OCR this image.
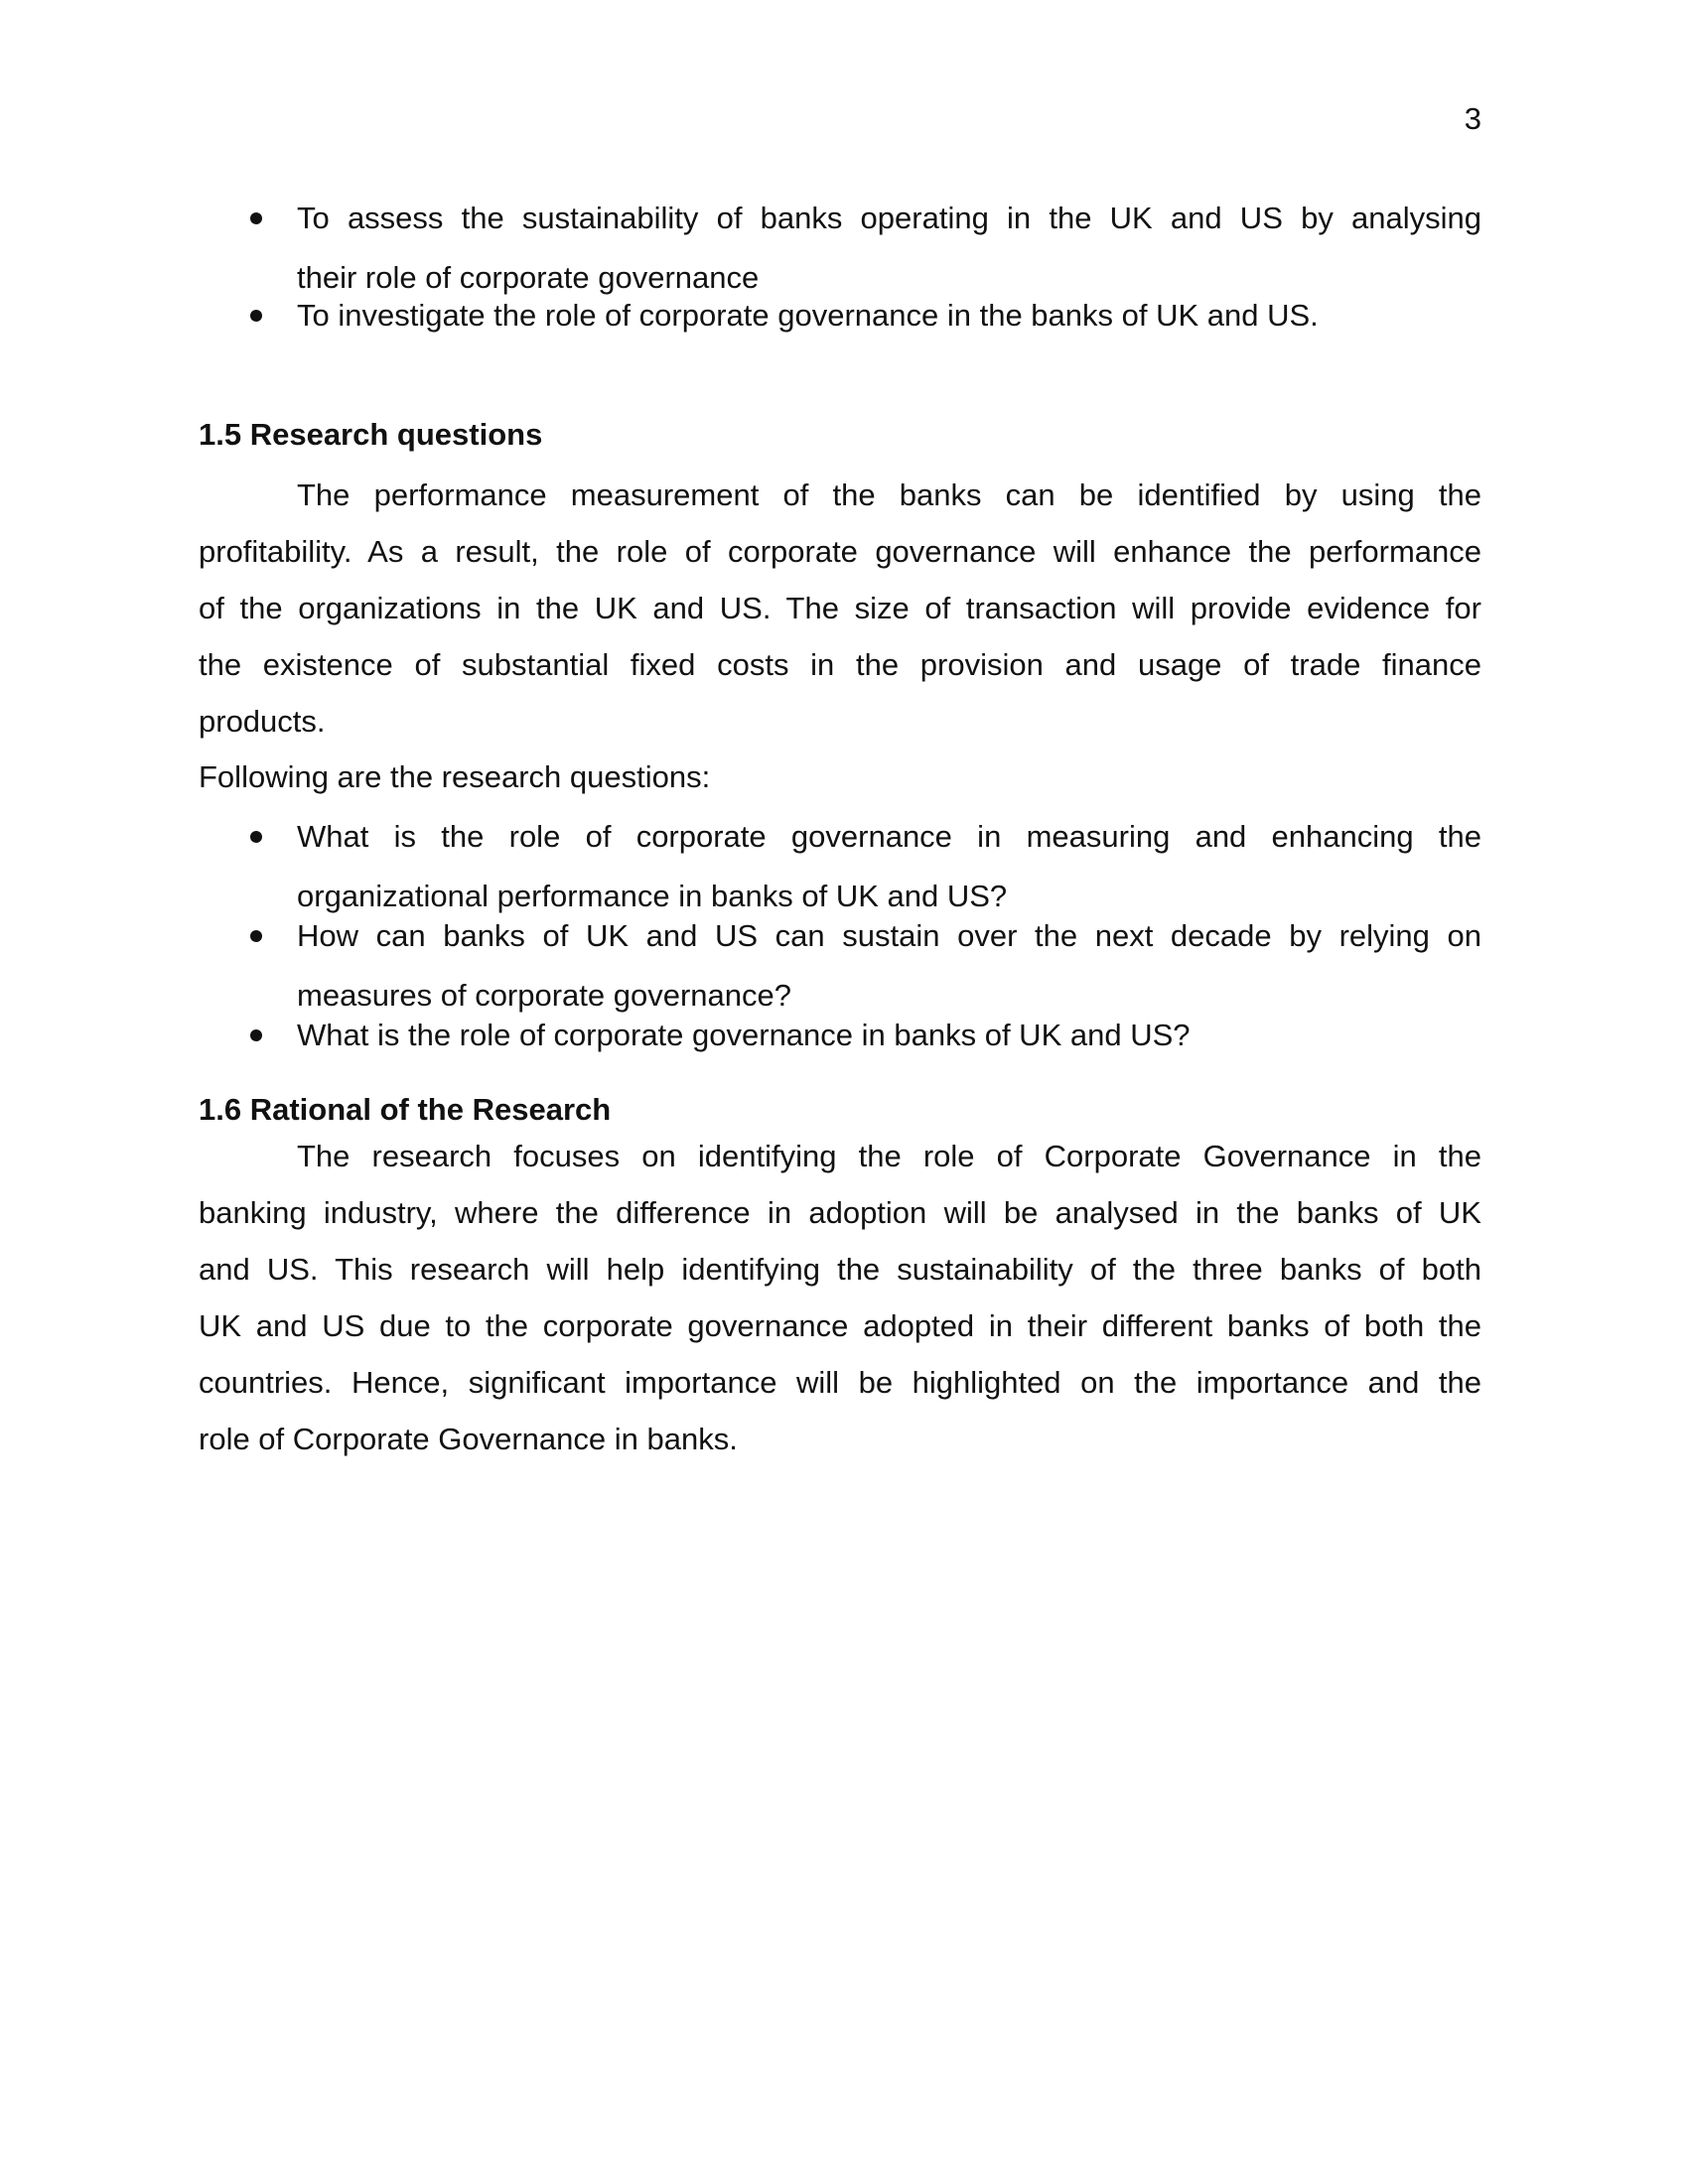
3
To assess the sustainability of banks operating in the UK and US by analysing
their role of corporate governance
To investigate the role of corporate governance in the banks of UK and US.
1.5 Research questions

The performance measurement of the banks can be identified by using the
profitability. As a result, the role of corporate governance will enhance the performance
of the organizations in the UK and US. The size of transaction will provide evidence for
the existence of substantial fixed costs in the provision and usage of trade finance
products.

Following are the research questions:

What is the role of corporate governance in measuring and enhancing the
organizational performance in banks of UK and US?
How can banks of UK and US can sustain over the next decade by relying on
measures of corporate governance?
What is the role of corporate governance in banks of UK and US?
1.6 Rational of the Research

The research focuses on identifying the role of Corporate Governance in the
banking industry, where the difference in adoption will be analysed in the banks of UK
and US. This research will help identifying the sustainability of the three banks of both
UK and US due to the corporate governance adopted in their different banks of both the
countries. Hence, significant importance will be highlighted on the importance and the
role of Corporate Governance in banks.
